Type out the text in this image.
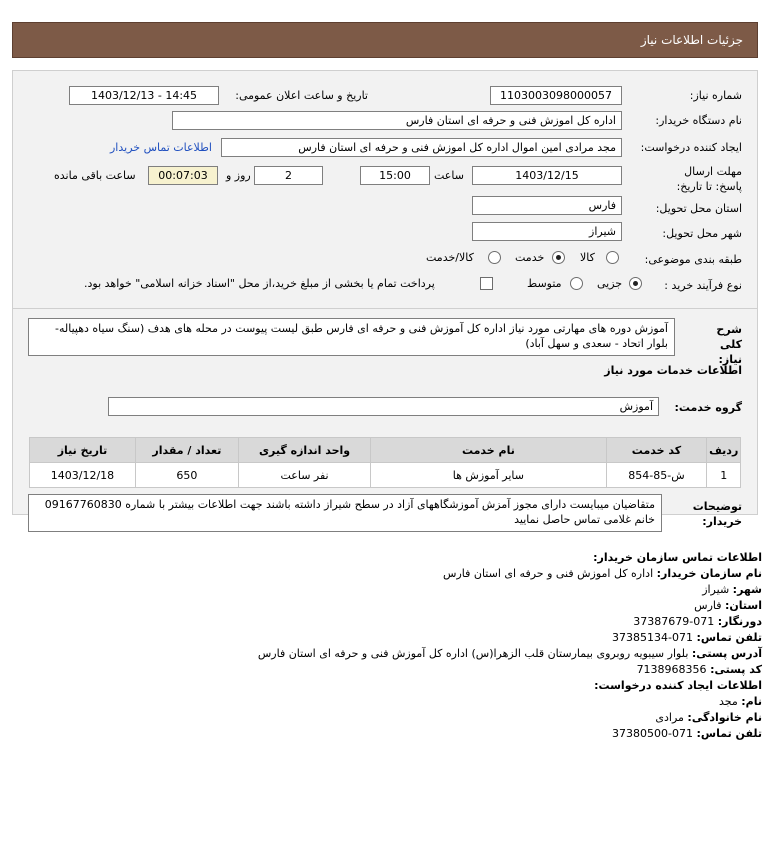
جزئیات اطلاعات نیاز
شماره نیاز:
1103003098000057
تاریخ و ساعت اعلان عمومی:
1403/12/13 - 14:45
نام دستگاه خریدار:
اداره کل اموزش فنی و حرفه ای استان فارس
ایجاد کننده درخواست:
مجد مرادی امین اموال اداره کل اموزش فنی و حرفه ای استان فارس
اطلاعات تماس خریدار
مهلت ارسال پاسخ: تا تاریخ:
1403/12/15
ساعت
15:00
2
روز و
00:07:03
ساعت باقی مانده
استان محل تحویل:
فارس
شهر محل تحویل:
شیراز
طبقه بندی موضوعی:
کالا
خدمت
کالا/خدمت
نوع فرآیند خرید :
جزیی
متوسط
پرداخت تمام یا بخشی از مبلغ خرید،از محل "اسناد خزانه اسلامی" خواهد بود.
شرح کلی نیاز:
آموزش دوره های مهارتی مورد نیاز اداره کل آموزش فنی و حرفه ای فارس طبق لیست پیوست در محله های هدف (سنگ سیاه دهپیاله-بلوار اتحاد - سعدی و سهل آباد)
اطلاعات خدمات مورد نیاز
گروه خدمت:
آموزش
ردیف	کد خدمت	نام خدمت	واحد اندازه گیری	تعداد / مقدار	تاریخ نیاز
1	ش-85-854	سایر آموزش ها	نفر ساعت	650	1403/12/18
توضیحات خریدار:
متقاضیان میبایست دارای مجوز آمزش آموزشگاههای آزاد در سطح شیراز داشته باشند جهت اطلاعات بیشتر با شماره 09167760830 خانم غلامی تماس حاصل نمایید
اطلاعات تماس سازمان خریدار:
نام سازمان خریدار: اداره کل اموزش فنی و حرفه ای استان فارس
شهر: شیراز
استان: فارس
دورنگار: 071-37387679
تلفن تماس: 071-37385134
آدرس پستی: بلوار سیبویه روبروی بیمارستان قلب الزهرا(س) اداره کل آموزش فنی و حرفه ای استان فارس
کد پستی: 7138968356
اطلاعات ایجاد کننده درخواست:
نام: مجد
نام خانوادگی: مرادی
تلفن تماس: 071-37380500
